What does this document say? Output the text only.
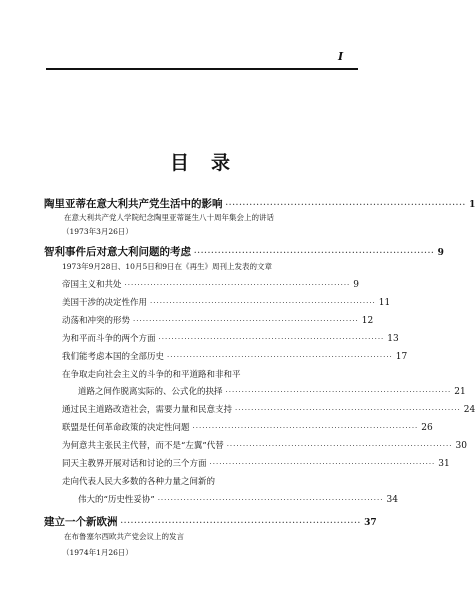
I
目录
陶里亚蒂在意大利共产党生活中的影响 ······································································ 1
在意大利共产党人学院纪念陶里亚蒂诞生八十周年集会上的讲话
（1973年3月26日）
智利事件后对意大利问题的考虑 ······································································ 9
1973年9月28日、10月5日和9日在《再生》周刊上发表的文章
帝国主义和共处 ······································································ 9
美国干涉的决定性作用 ······································································ 11
动荡和冲突的形势 ······································································ 12
为和平而斗争的两个方面 ······································································ 13
我们能考虑本国的全部历史 ······································································ 17
在争取走向社会主义的斗争的和平道路和非和平
道路之间作脱离实际的、公式化的抉择 ······································································ 21
通过民主道路改造社会，需要力量和民意支持 ······································································ 24
联盟是任何革命政策的决定性问题 ······································································ 26
为何意共主张民主代替，而不是“左翼”代替 ······································································ 30
同天主教界开展对话和讨论的三个方面 ······································································ 31
走向代表人民大多数的各种力量之间新的
伟大的“历史性妥协” ······································································ 34
建立一个新欧洲 ······································································ 37
在布鲁塞尔西欧共产党会议上的发言
（1974年1月26日）
